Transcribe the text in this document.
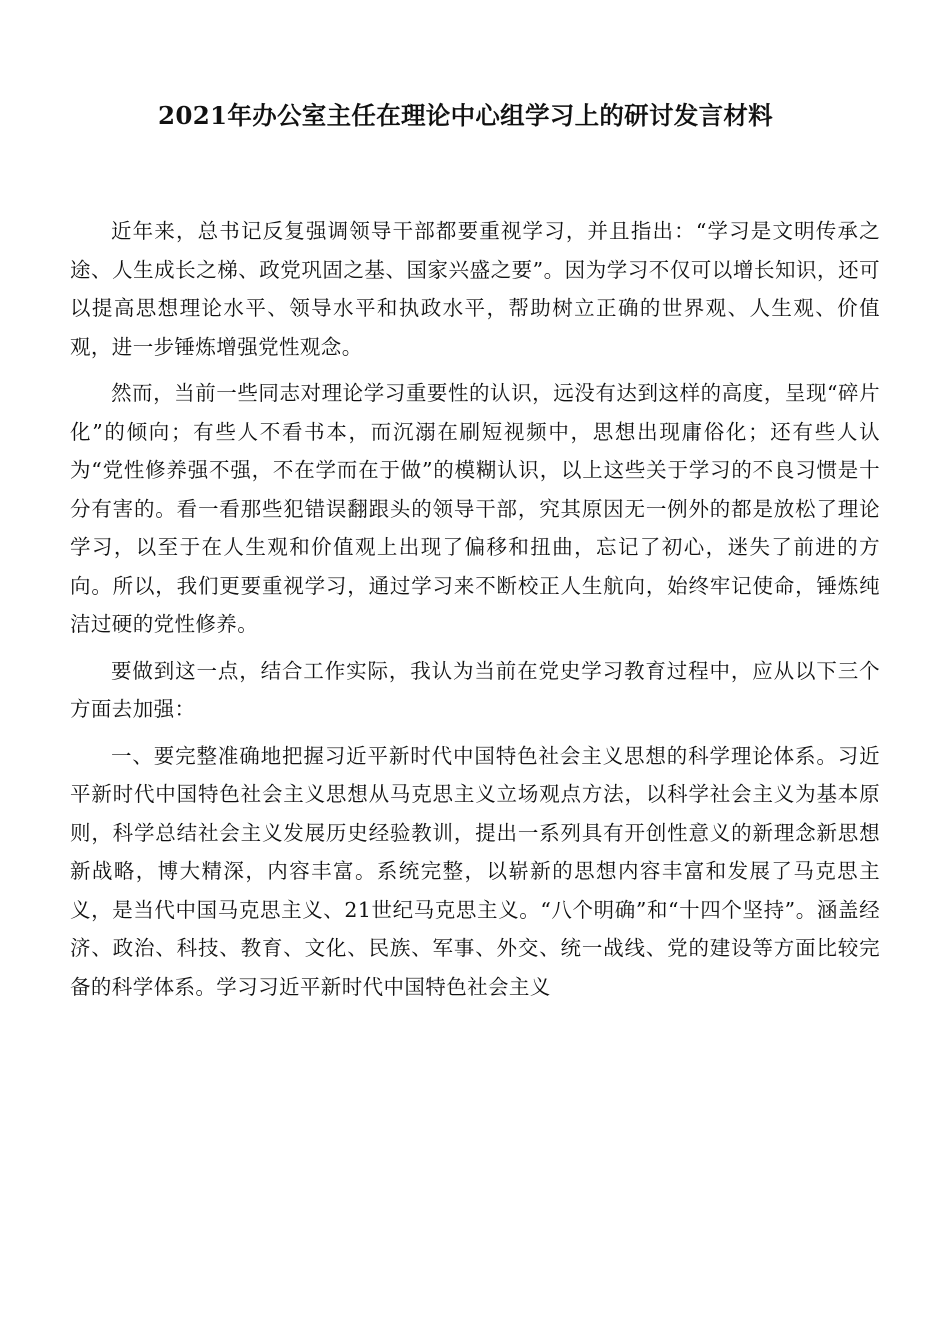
2021年办公室主任在理论中心组学习上的研讨发言材料

近年来，总书记反复强调领导干部都要重视学习，并且指出：“学习是文明传承之途、人生成长之梯、政党巩固之基、国家兴盛之要”。因为学习不仅可以增长知识，还可以提高思想理论水平、领导水平和执政水平，帮助树立正确的世界观、人生观、价值观，进一步锤炼增强党性观念。

然而，当前一些同志对理论学习重要性的认识，远没有达到这样的高度，呈现“碎片化”的倾向；有些人不看书本，而沉溺在刷短视频中，思想出现庸俗化；还有些人认为“党性修养强不强，不在学而在于做”的模糊认识，以上这些关于学习的不良习惯是十分有害的。看一看那些犯错误翻跟头的领导干部，究其原因无一例外的都是放松了理论学习，以至于在人生观和价值观上出现了偏移和扭曲，忘记了初心，迷失了前进的方向。所以，我们更要重视学习，通过学习来不断校正人生航向，始终牢记使命，锤炼纯洁过硬的党性修养。

要做到这一点，结合工作实际，我认为当前在党史学习教育过程中，应从以下三个方面去加强：

一、要完整准确地把握习近平新时代中国特色社会主义思想的科学理论体系。习近平新时代中国特色社会主义思想从马克思主义立场观点方法，以科学社会主义为基本原则，科学总结社会主义发展历史经验教训，提出一系列具有开创性意义的新理念新思想新战略，博大精深，内容丰富。系统完整，以崭新的思想内容丰富和发展了马克思主义，是当代中国马克思主义、21世纪马克思主义。“八个明确”和“十四个坚持”。涵盖经济、政治、科技、教育、文化、民族、军事、外交、统一战线、党的建设等方面比较完备的科学体系。学习习近平新时代中国特色社会主义
